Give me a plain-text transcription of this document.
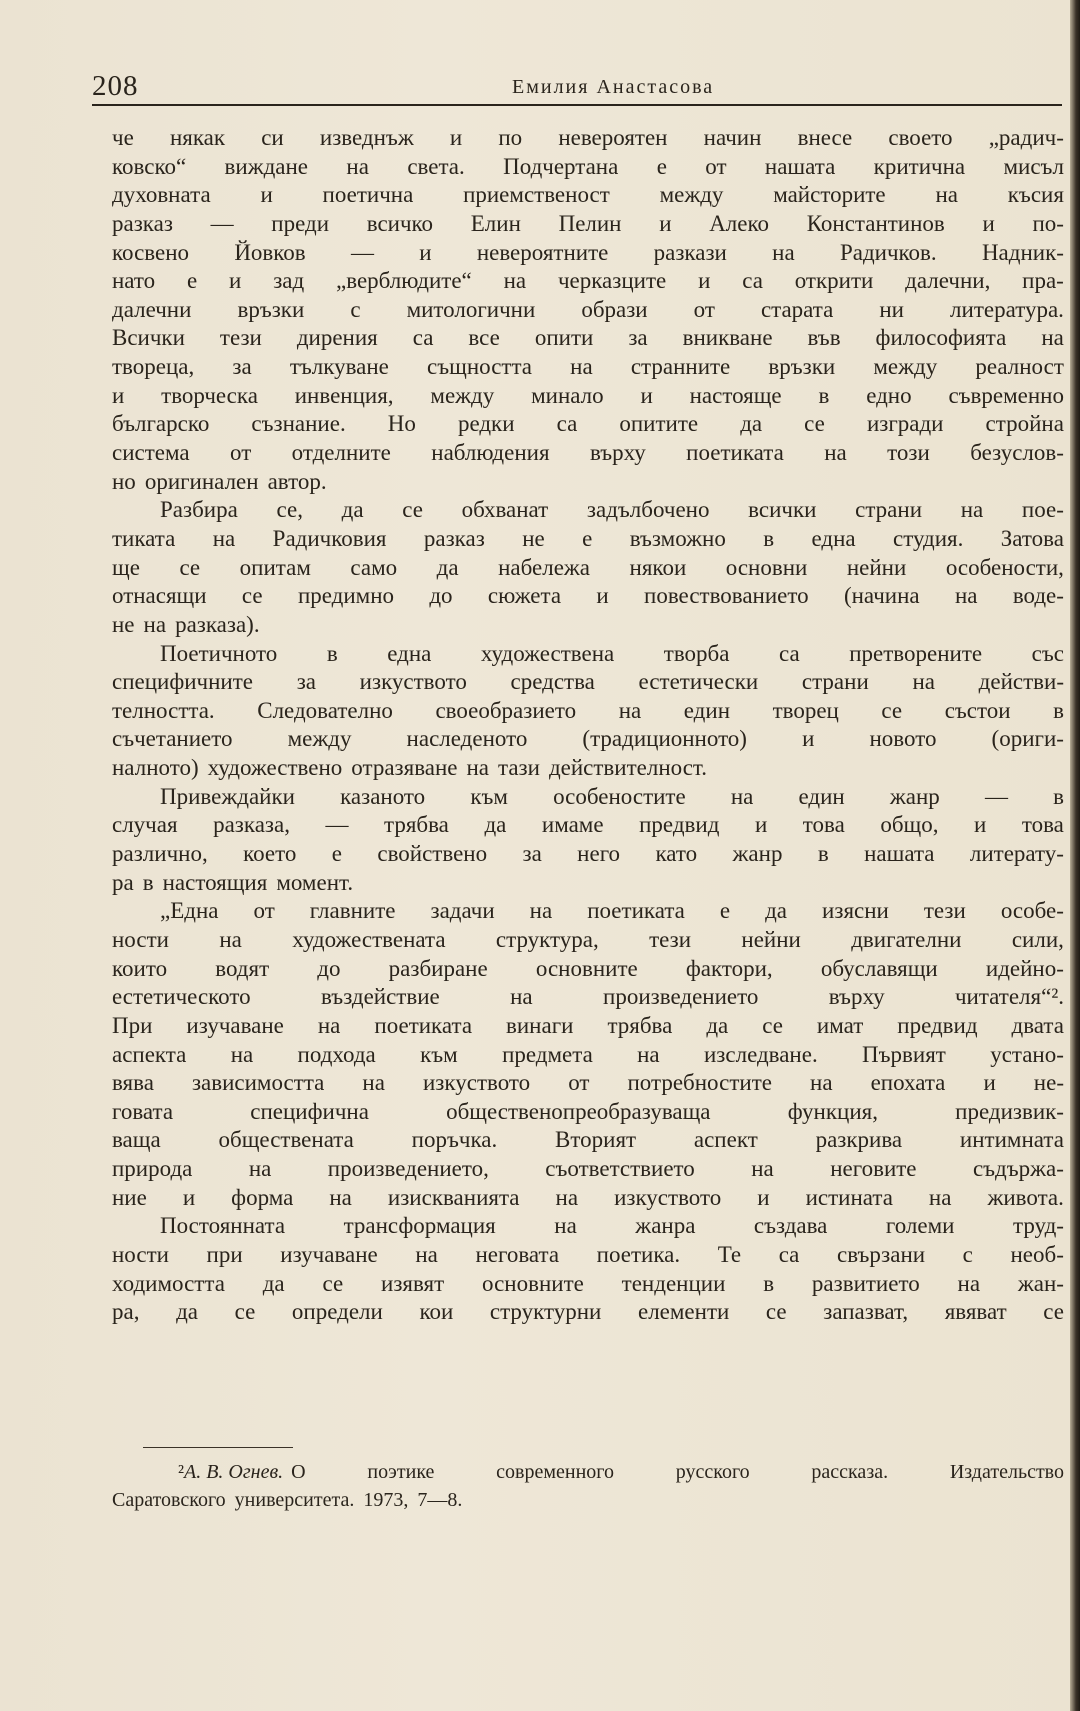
208	Емилия Анастасова
че някак си изведнъж и по невероятен начин внесе своето „радич-
ковско“ виждане на света. Подчертана е от нашата критична мисъл
духовната и поетична приемственост между майсторите на късия
разказ — преди всичко Елин Пелин и Алеко Константинов и по-
косвено Йовков — и невероятните разкази на Радичков. Надник-
нато е и зад „верблюдите“ на черказците и са открити далечни, пра-
далечни връзки с митологични образи от старата ни литература.
Всички тези дирения са все опити за вникване във философията на
твореца, за тълкуване същността на странните връзки между реалност
и творческа инвенция, между минало и настояще в едно съвременно
българско съзнание. Но редки са опитите да се изгради стройна
система от отделните наблюдения върху поетиката на този безуслов-
но оригинален автор.
Разбира се, да се обхванат задълбочено всички страни на пое-
тиката на Радичковия разказ не е възможно в една студия. Затова
ще се опитам само да набележа някои основни нейни особености,
отнасящи се предимно до сюжета и повествованието (начина на воде-
не на разказа).
Поетичното в една художествена творба са претворените със
специфичните за изкуството средства естетически страни на действи-
телността. Следователно своеобразието на един творец се състои в
съчетанието между наследеното (традиционното) и новото (ориги-
налното) художествено отразяване на тази действителност.
Привеждайки казаното към особеностите на един жанр — в
случая разказа, — трябва да имаме предвид и това общо, и това
различно, което е свойствено за него като жанр в нашата литерату-
ра в настоящия момент.
„Една от главните задачи на поетиката е да изясни тези особе-
ности на художествената структура, тези нейни двигателни сили,
които водят до разбиране основните фактори, обуславящи идейно-
естетическото	въздействие	на	произведението	върху	читателя“².
При изучаване на поетиката винаги трябва да се имат предвид двата
аспекта на подхода към предмета на изследване. Първият устано-
вява зависимостта на изкуството от потребностите на епохата и не-
говата	специфична	общественопреобразуваща	функция,	предизвик-
ваща	обществената	поръчка.	Вторият	аспект	разкрива	интимната
природа на произведението, съответствието на неговите съдържа-
ние и форма на изискванията на изкуството и истината на живота.
Постоянната	трансформация	на	жанра	създава	големи	труд-
ности при изучаване на неговата поетика. Те са свързани с необ-
ходимостта да се изявят основните тенденции в развитието на жан-
ра, да се определи кои структурни елементи се запазват, явяват се
² А. В. Огнев. О	поэтике	современного	русского	рассказа.	Издательство
Саратовского университета. 1973, 7—8.
